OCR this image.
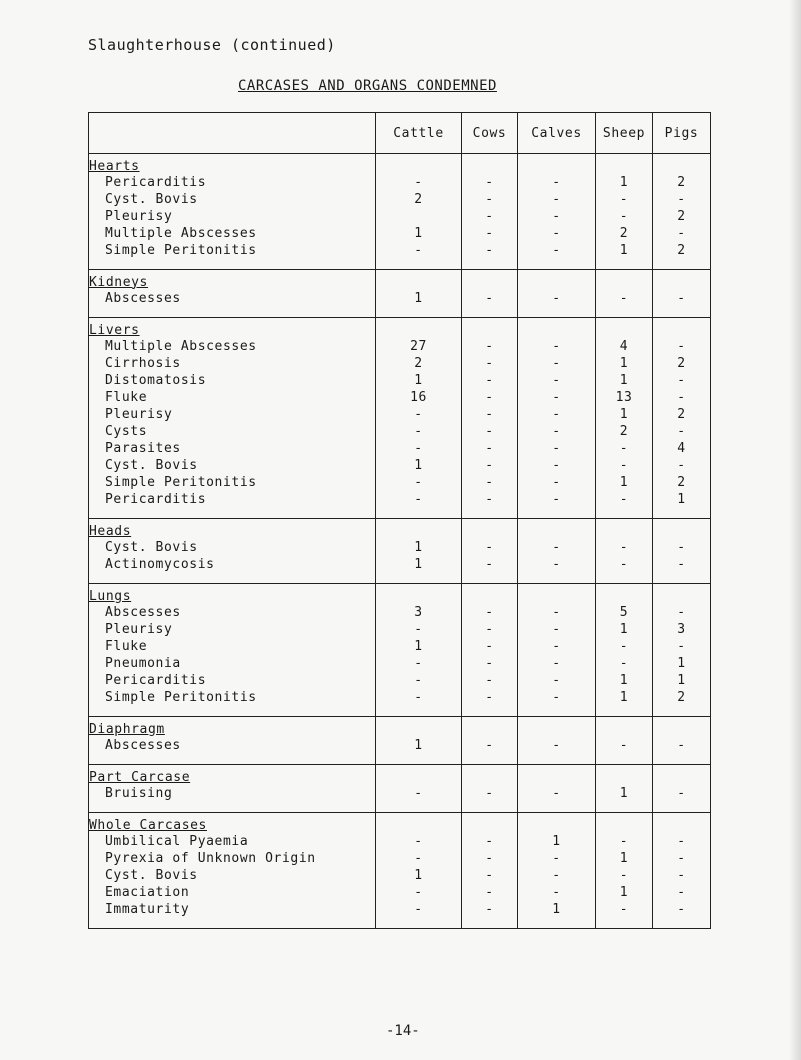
Slaughterhouse (continued)
CARCASES AND ORGANS CONDEMNED
	Cattle	Cows	Calves	Sheep	Pigs
Hearts					
Pericarditis	-	-	-	1	2
Cyst. Bovis	2	-	-	-	-
Pleurisy		-	-	-	2
Multiple Abscesses	1	-	-	2	-
Simple Peritonitis	-	-	-	1	2

Kidneys					
Abscesses	1	-	-	-	-

Livers					
Multiple Abscesses	27	-	-	4	-
Cirrhosis	2	-	-	1	2
Distomatosis	1	-	-	1	-
Fluke	16	-	-	13	-
Pleurisy	-	-	-	1	2
Cysts	-	-	-	2	-
Parasites	-	-	-	-	4
Cyst. Bovis	1	-	-	-	-
Simple Peritonitis	-	-	-	1	2
Pericarditis	-	-	-	-	1

Heads					
Cyst. Bovis	1	-	-	-	-
Actinomycosis	1	-	-	-	-

Lungs					
Abscesses	3	-	-	5	-
Pleurisy	-	-	-	1	3
Fluke	1	-	-	-	-
Pneumonia	-	-	-	-	1
Pericarditis	-	-	-	1	1
Simple Peritonitis	-	-	-	1	2

Diaphragm					
Abscesses	1	-	-	-	-

Part Carcase					
Bruising	-	-	-	1	-

Whole Carcases					
Umbilical Pyaemia	-	-	1	-	-
Pyrexia of Unknown Origin	-	-	-	1	-
Cyst. Bovis	1	-	-	-	-
Emaciation	-	-	-	1	-
Immaturity	-	-	1	-	-

-14-
